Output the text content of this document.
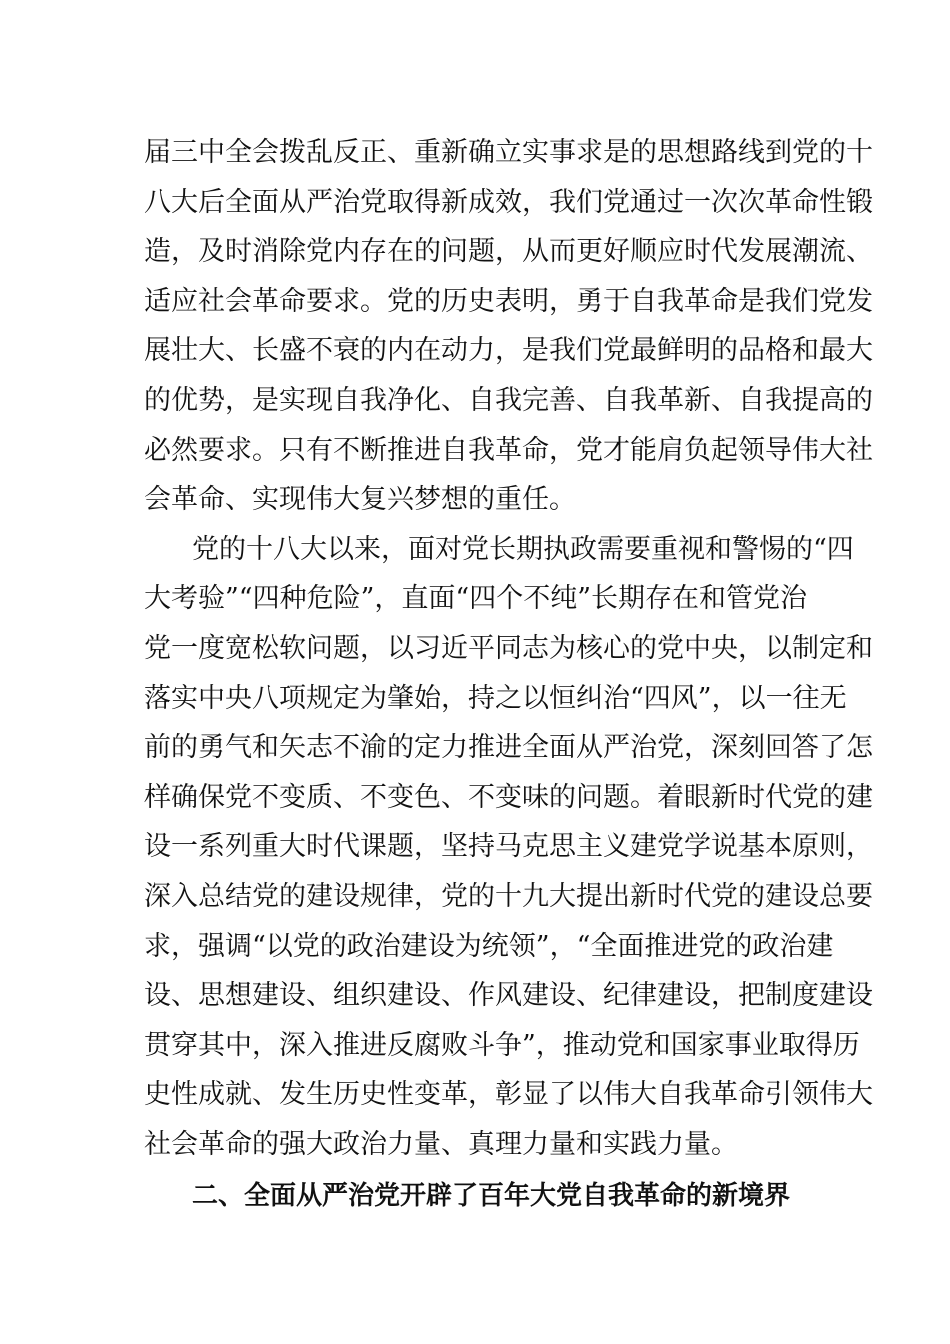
届三中全会拨乱反正、重新确立实事求是的思想路线到党的十
八大后全面从严治党取得新成效，我们党通过一次次革命性锻
造，及时消除党内存在的问题，从而更好顺应时代发展潮流、
适应社会革命要求。党的历史表明，勇于自我革命是我们党发
展壮大、长盛不衰的内在动力，是我们党最鲜明的品格和最大
的优势，是实现自我净化、自我完善、自我革新、自我提高的
必然要求。只有不断推进自我革命，党才能肩负起领导伟大社
会革命、实现伟大复兴梦想的重任。
党的十八大以来，面对党长期执政需要重视和警惕的“四
大考验”“四种危险”，直面“四个不纯”长期存在和管党治
党一度宽松软问题，以习近平同志为核心的党中央，以制定和
落实中央八项规定为肇始，持之以恒纠治“四风”，以一往无
前的勇气和矢志不渝的定力推进全面从严治党，深刻回答了怎
样确保党不变质、不变色、不变味的问题。着眼新时代党的建
设一系列重大时代课题，坚持马克思主义建党学说基本原则，
深入总结党的建设规律，党的十九大提出新时代党的建设总要
求，强调“以党的政治建设为统领”，“全面推进党的政治建
设、思想建设、组织建设、作风建设、纪律建设，把制度建设
贯穿其中，深入推进反腐败斗争”，推动党和国家事业取得历
史性成就、发生历史性变革，彰显了以伟大自我革命引领伟大
社会革命的强大政治力量、真理力量和实践力量。
二、全面从严治党开辟了百年大党自我革命的新境界
